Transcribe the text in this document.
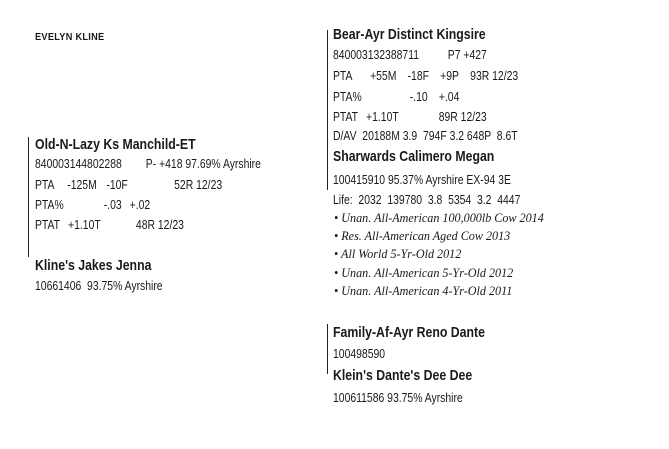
EVELYN KLINE
Old-N-Lazy Ks Manchild-ET
840003144802288 P- +418 97.69% Ayrshire
PTA -125M -10F	52R 12/23
PTA%	-.03 +.02
PTAT +1.10T	48R 12/23
Kline's Jakes Jenna
10661406  93.75% Ayrshire
Bear-Ayr Distinct Kingsire
840003132388711 P7 +427
PTA +55M -18F +9P 93R 12/23
PTA%	-.10 +.04
PTAT +1.10T	89R 12/23
D/AV  20188M 3.9  794F 3.2 648P  8.6T
Sharwards Calimero Megan
100415910 95.37% Ayrshire EX-94 3E
Life:  2032  139780  3.8  5354  3.2  4447
• Unan. All-American 100,000lb Cow 2014
• Res. All-American Aged Cow 2013
• All World 5-Yr-Old 2012
• Unan. All-American 5-Yr-Old 2012
• Unan. All-American 4-Yr-Old 2011
Family-Af-Ayr Reno Dante
100498590
Klein's Dante's Dee Dee
100611586 93.75% Ayrshire
